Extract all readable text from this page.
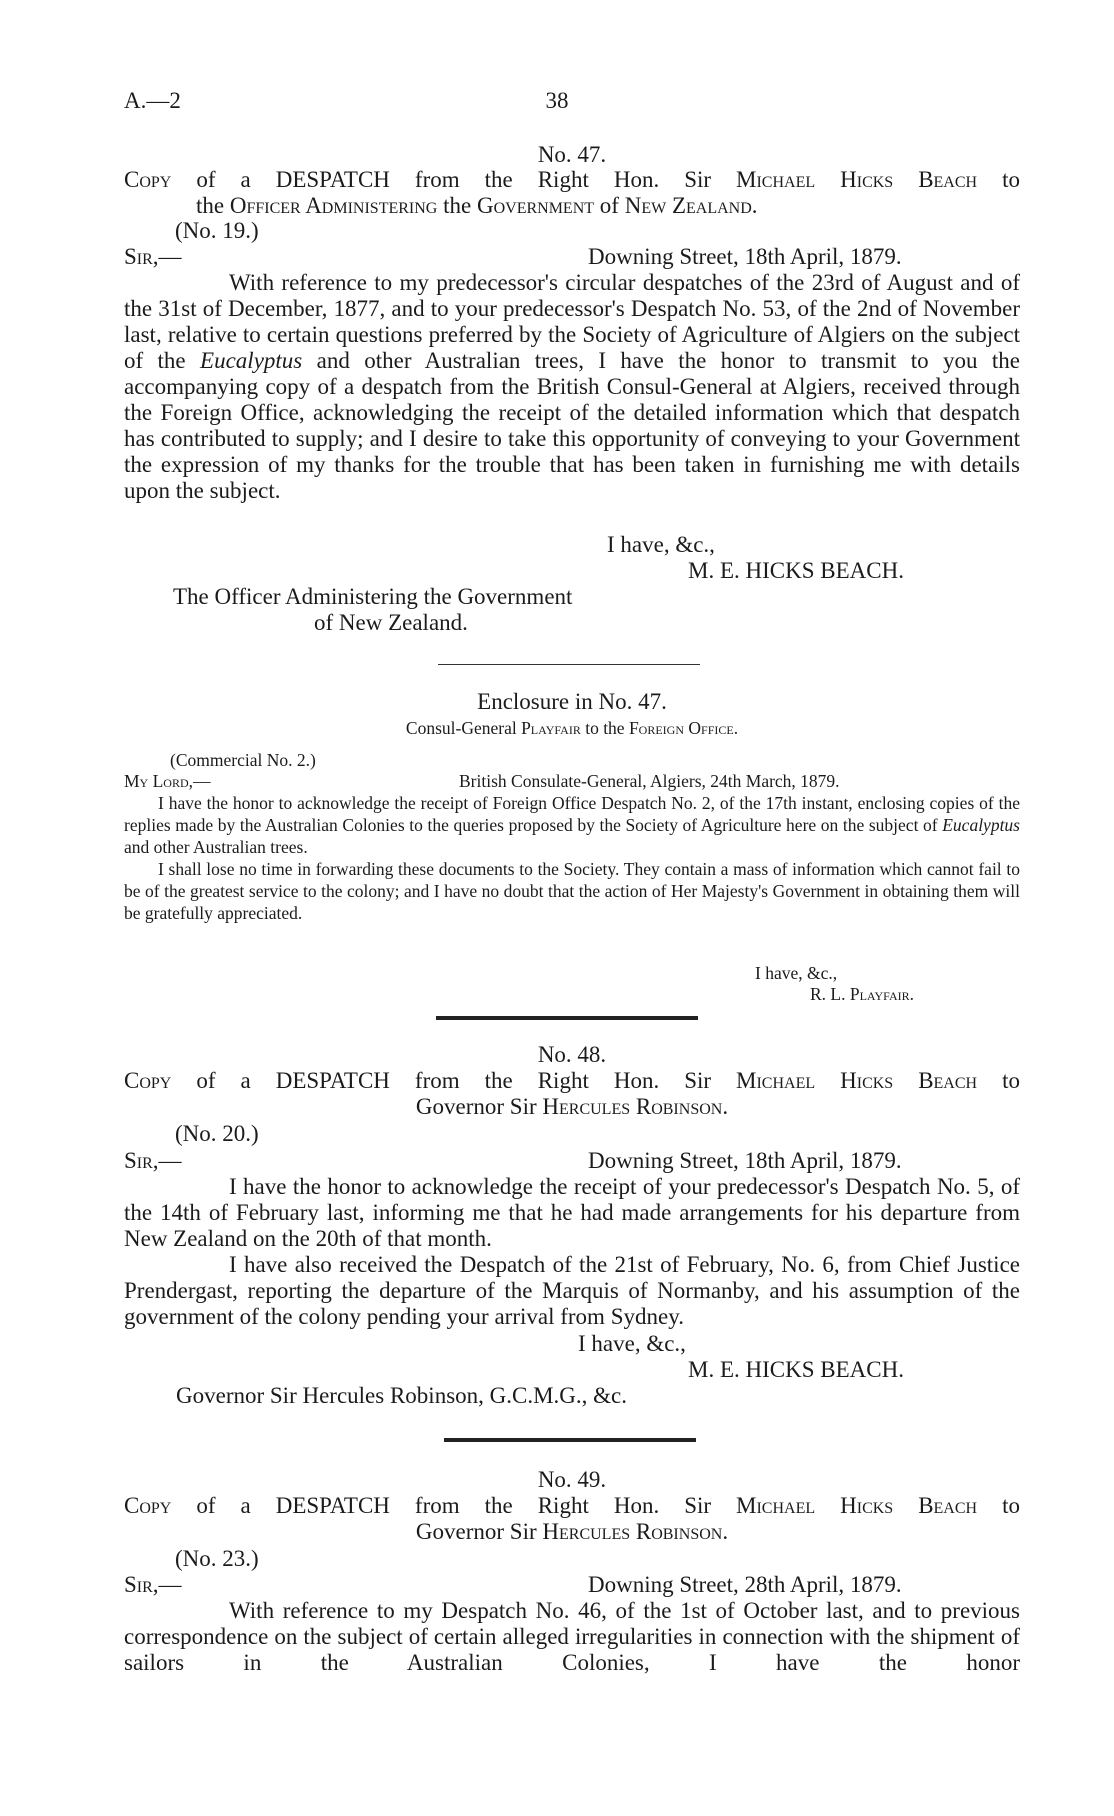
A.—2	38
No. 47.
Copy of a DESPATCH from the Right Hon. Sir Michael Hicks Beach to
the Officer Administering the Government of New Zealand.
(No. 19.)
Sir,—	Downing Street, 18th April, 1879.

With reference to my predecessor's circular despatches of the 23rd of August and of the 31st of December, 1877, and to your predecessor's Despatch No. 53, of the 2nd of November last, relative to certain questions preferred by the Society of Agriculture of Algiers on the subject of the Eucalyptus and other Australian trees, I have the honor to transmit to you the accompanying copy of a despatch from the British Consul-General at Algiers, received through the Foreign Office, acknowledging the receipt of the detailed information which that despatch has contributed to supply; and I desire to take this opportunity of conveying to your Government the expression of my thanks for the trouble that has been taken in furnishing me with details upon the subject.

I have, &c.,
M. E. HICKS BEACH.
The Officer Administering the Government
of New Zealand.
Enclosure in No. 47.
Consul-General Playfair to the Foreign Office.
(Commercial No. 2.)
My Lord,—	British Consulate-General, Algiers, 24th March, 1879.

I have the honor to acknowledge the receipt of Foreign Office Despatch No. 2, of the 17th instant, enclosing copies of the replies made by the Australian Colonies to the queries proposed by the Society of Agriculture here on the subject of Eucalyptus and other Australian trees.

I shall lose no time in forwarding these documents to the Society. They contain a mass of information which cannot fail to be of the greatest service to the colony; and I have no doubt that the action of Her Majesty's Government in obtaining them will be gratefully appreciated.

I have, &c.,
R. L. Playfair.
No. 48.
Copy of a DESPATCH from the Right Hon. Sir Michael Hicks Beach to
Governor Sir Hercules Robinson.
(No. 20.)
Sir,—	Downing Street, 18th April, 1879.

I have the honor to acknowledge the receipt of your predecessor's Despatch No. 5, of the 14th of February last, informing me that he had made arrangements for his departure from New Zealand on the 20th of that month.

I have also received the Despatch of the 21st of February, No. 6, from Chief Justice Prendergast, reporting the departure of the Marquis of Normanby, and his assumption of the government of the colony pending your arrival from Sydney.

I have, &c.,
M. E. HICKS BEACH.
Governor Sir Hercules Robinson, G.C.M.G., &c.
No. 49.
Copy of a DESPATCH from the Right Hon. Sir Michael Hicks Beach to
Governor Sir Hercules Robinson.
(No. 23.)
Sir,—	Downing Street, 28th April, 1879.

With reference to my Despatch No. 46, of the 1st of October last, and to previous correspondence on the subject of certain alleged irregularities in connection with the shipment of sailors in the Australian Colonies, I have the honor
